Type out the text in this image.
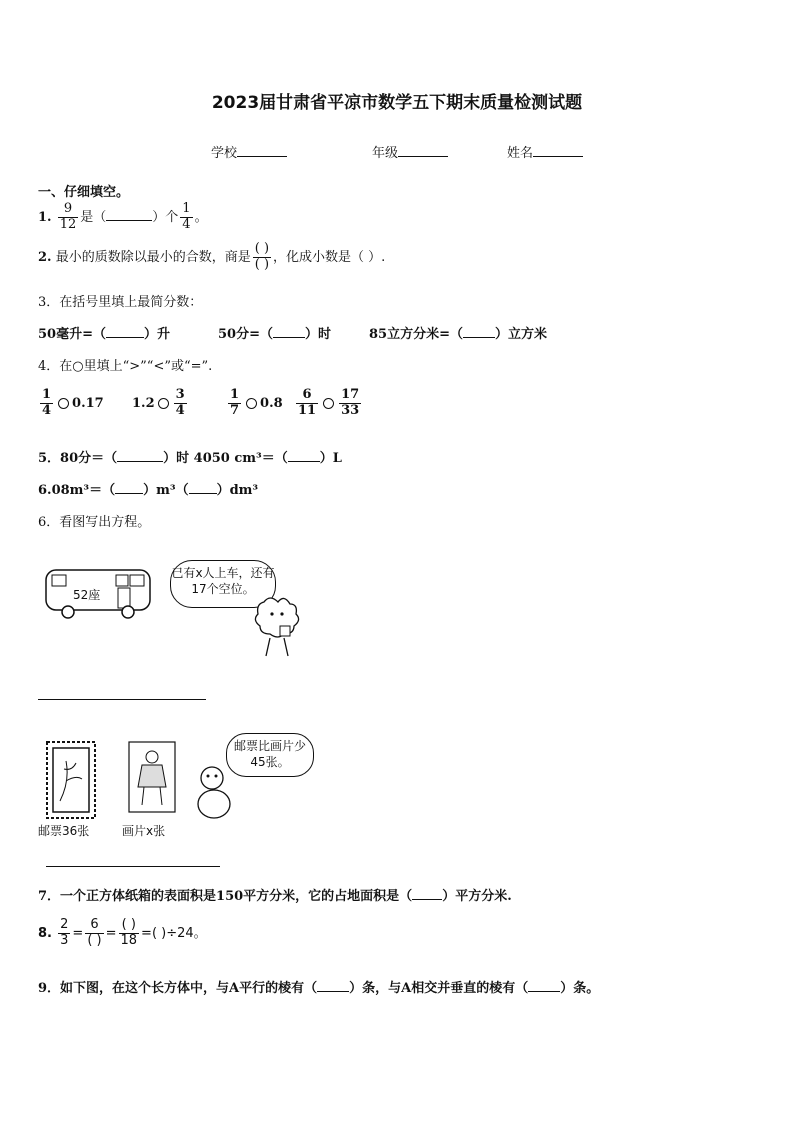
2023届甘肃省平凉市数学五下期末质量检测试题
学校	年级	姓名
一、仔细填空。
1. $\frac{9}{12}$ 是（	）个 $\frac{1}{4}$ 。
2. 最小的质数除以最小的合数，商是 $\frac{( )}{( )}$ ，化成小数是（ ）.
3．在括号里填上最简分数：
50毫升=（	）升	50分=（ ）时	85立方分米=（ ）立方米
4．在○里填上“>”“<”或“=”.
$\frac{1}{4} 0.17$ $1.2 \frac{3}{4}$	$\frac{1}{7} 0.8 \frac{6}{11} \frac{17}{33}$
5．80分＝（	）时 4050 cm³＝（ ）L
6.08m³＝（ ）m³（ ）dm³
6．看图写出方程。
52座
已有x人上车，还有17个空位。
邮票36张	画片x张
邮票比画片少45张。
7．一个正方体纸箱的表面积是150平方分米，它的占地面积是（ ）平方分米.
8. $\frac{2}{3} = \frac{6}{( )} = \frac{( )}{18}$ =( )÷24。
9．如下图，在这个长方体中，与A平行的棱有（ ）条，与A相交并垂直的棱有（ ）条。
